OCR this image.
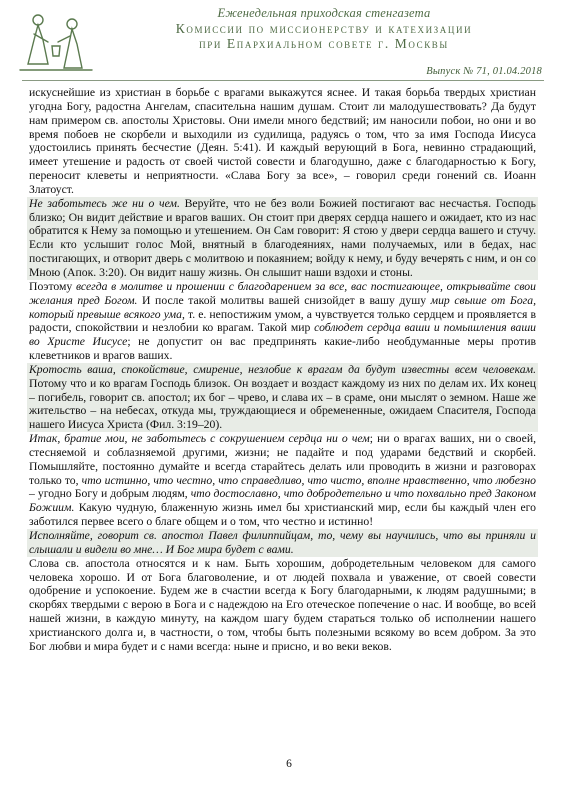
Еженедельная приходская стенгазета
Комиссии по миссионерству и катехизации
при Епархиальном совете г. Москвы
Выпуск № 71, 01.04.2018

искуснейшие из христиан в борьбе с врагами выкажутся яснее. И такая борьба твердых христиан угодна Богу, радостна Ангелам, спасительна нашим душам. Стоит ли малодушествовать? Да будут нам примером св. апостолы Христовы. Они имели много бедствий; им наносили побои, но они и во время побоев не скорбели и выходили из судилища, радуясь о том, что за имя Господа Иисуса удостоились принять бесчестие (Деян. 5:41). И каждый верующий в Бога, невинно страдающий, имеет утешение и радость от своей чистой совести и благодушно, даже с благодарностью к Богу, переносит клеветы и неприятности. «Слава Богу за все», – говорил среди гонений св. Иоанн Златоуст.

Не заботьтесь же ни о чем. Веруйте, что не без воли Божией постигают вас несчастья. Господь близко; Он видит действие и врагов ваших. Он стоит при дверях сердца нашего и ожидает, кто из нас обратится к Нему за помощью и утешением. Он Сам говорит: Я стою у двери сердца вашего и стучу. Если кто услышит голос Мой, внятный в благодеяниях, нами получаемых, или в бедах, нас постигающих, и отворит дверь с молитвою и покаянием; войду к нему, и буду вечерять с ним, и он со Мною (Апок. 3:20). Он видит нашу жизнь. Он слышит наши вздохи и стоны.

Поэтому всегда в молитве и прошении с благодарением за все, вас постигающее, открывайте свои желания пред Богом. И после такой молитвы вашей снизойдет в вашу душу мир свыше от Бога, который превыше всякого ума, т. е. непостижим умом, а чувствуется только сердцем и проявляется в радости, спокойствии и незлобии ко врагам. Такой мир соблюдет сердца ваши и помышления ваши во Христе Иисусе; не допустит он вас предпринять какие-либо необдуманные меры против клеветников и врагов ваших.

Кротость ваша, спокойствие, смирение, незлобие к врагам да будут известны всем человекам. Потому что и ко врагам Господь близок. Он воздает и воздаст каждому из них по делам их. Их конец – погибель, говорит св. апостол; их бог – чрево, и слава их – в сраме, они мыслят о земном. Наше же жительство – на небесах, откуда мы, труждающиеся и обремененные, ожидаем Спасителя, Господа нашего Иисуса Христа (Фил. 3:19–20).

Итак, братие мои, не заботьтесь с сокрушением сердца ни о чем; ни о врагах ваших, ни о своей, стесняемой и соблазняемой другими, жизни; не падайте и под ударами бедствий и скорбей. Помышляйте, постоянно думайте и всегда старайтесь делать или проводить в жизни и разговорах только то, что истинно, что честно, что справедливо, что чисто, вполне нравственно, что любезно – угодно Богу и добрым людям, что достославно, что добродетельно и что похвально пред Законом Божиим. Какую чудную, блаженную жизнь имел бы христианский мир, если бы каждый член его заботился первее всего о благе общем и о том, что честно и истинно!

Исполняйте, говорит св. апостол Павел филиппийцам, то, чему вы научились, что вы приняли и слышали и видели во мне… И Бог мира будет с вами.

Слова св. апостола относятся и к нам. Быть хорошим, добродетельным человеком для самого человека хорошо. И от Бога благоволение, и от людей похвала и уважение, от своей совести одобрение и успокоение. Будем же в счастии всегда к Богу благодарными, к людям радушными; в скорбях твердыми с верою в Бога и с надеждою на Его отеческое попечение о нас. И вообще, во всей нашей жизни, в каждую минуту, на каждом шагу будем стараться только об исполнении нашего христианского долга и, в частности, о том, чтобы быть полезными всякому во всем добром. За это Бог любви и мира будет и с нами всегда: ныне и присно, и во веки веков.

6
